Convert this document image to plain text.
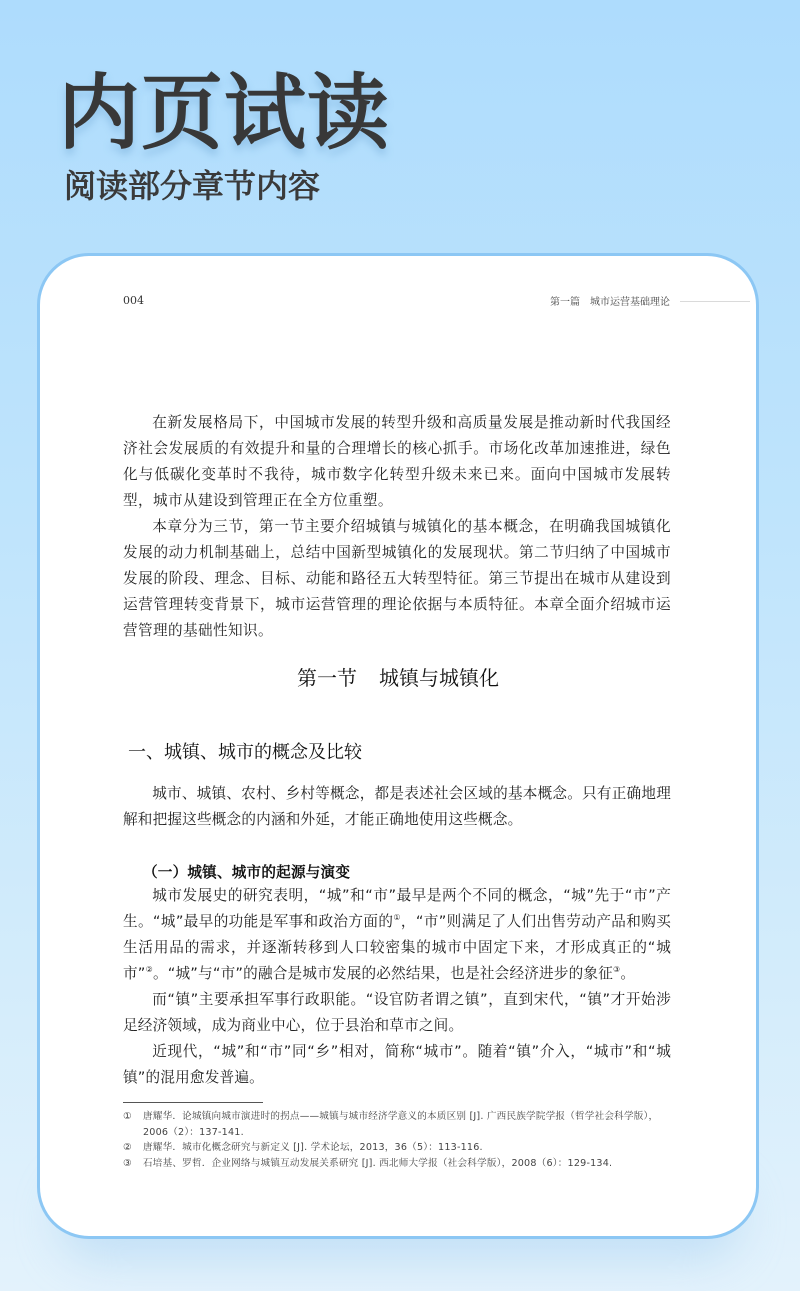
内页试读
阅读部分章节内容
004	第一篇 城市运营基础理论

在新发展格局下，中国城市发展的转型升级和高质量发展是推动新时代我国经济社会发展质的有效提升和量的合理增长的核心抓手。市场化改革加速推进，绿色化与低碳化变革时不我待，城市数字化转型升级未来已来。面向中国城市发展转型，城市从建设到管理正在全方位重塑。

本章分为三节，第一节主要介绍城镇与城镇化的基本概念，在明确我国城镇化发展的动力机制基础上，总结中国新型城镇化的发展现状。第二节归纳了中国城市发展的阶段、理念、目标、动能和路径五大转型特征。第三节提出在城市从建设到运营管理转变背景下，城市运营管理的理论依据与本质特征。本章全面介绍城市运营管理的基础性知识。

第一节 城镇与城镇化
一、城镇、城市的概念及比较

城市、城镇、农村、乡村等概念，都是表述社会区域的基本概念。只有正确地理解和把握这些概念的内涵和外延，才能正确地使用这些概念。

（一）城镇、城市的起源与演变

城市发展史的研究表明，“城”和“市”最早是两个不同的概念，“城”先于“市”产生。“城”最早的功能是军事和政治方面的①，“市”则满足了人们出售劳动产品和购买生活用品的需求，并逐渐转移到人口较密集的城市中固定下来，才形成真正的“城市”②。“城”与“市”的融合是城市发展的必然结果，也是社会经济进步的象征③。

而“镇”主要承担军事行政职能。“设官防者谓之镇”，直到宋代，“镇”才开始涉足经济领域，成为商业中心，位于县治和草市之间。

近现代，“城”和“市”同“乡”相对，简称“城市”。随着“镇”介入，“城市”和“城镇”的混用愈发普遍。

①	唐耀华．论城镇向城市演进时的拐点——城镇与城市经济学意义的本质区别 [J]. 广西民族学院学报（哲学社会科学版），2006（2）：137-141.
②	唐耀华．城市化概念研究与新定义 [J]. 学术论坛，2013，36（5）：113-116.
③	石培基、罗哲．企业网络与城镇互动发展关系研究 [J]. 西北师大学报（社会科学版），2008（6）：129-134.
